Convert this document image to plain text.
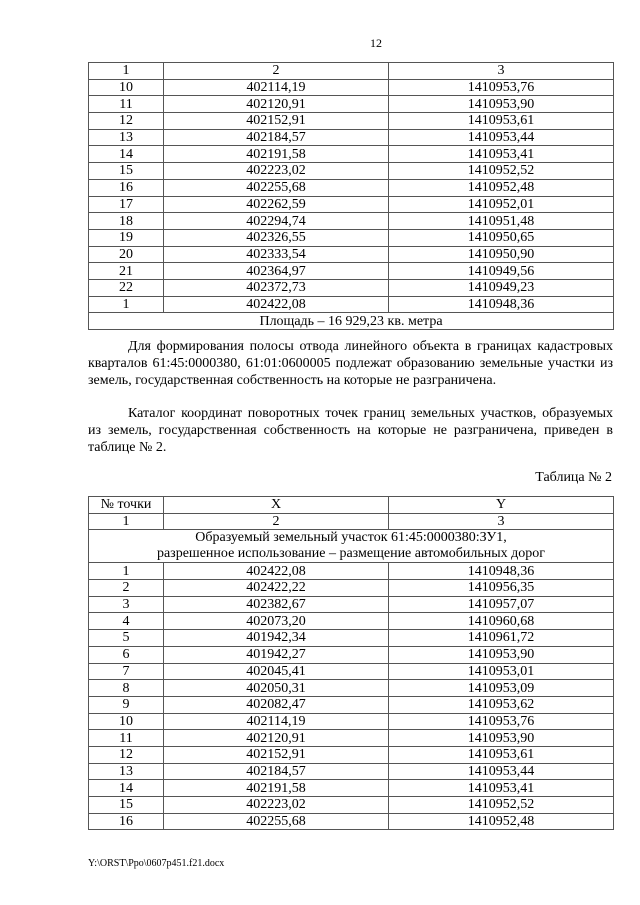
12
1	2	3
10	402114,19	1410953,76
11	402120,91	1410953,90
12	402152,91	1410953,61
13	402184,57	1410953,44
14	402191,58	1410953,41
15	402223,02	1410952,52
16	402255,68	1410952,48
17	402262,59	1410952,01
18	402294,74	1410951,48
19	402326,55	1410950,65
20	402333,54	1410950,90
21	402364,97	1410949,56
22	402372,73	1410949,23
1	402422,08	1410948,36
Площадь – 16 929,23 кв. метра		
Для формирования полосы отвода линейного объекта в границах кадастровых кварталов 61:45:0000380, 61:01:0600005 подлежат образованию земельные участки из земель, государственная собственность на которые не разграничена.
Каталог координат поворотных точек границ земельных участков, образуемых из земель, государственная собственность на которые не разграничена, приведен в таблице № 2.
Таблица № 2
№ точки	X	Y
1	2	3

Образуемый земельный участок 61:45:0000380:ЗУ1,
разрешенное использование – размещение автомобильных дорог		

1	402422,08	1410948,36
2	402422,22	1410956,35
3	402382,67	1410957,07
4	402073,20	1410960,68
5	401942,34	1410961,72
6	401942,27	1410953,90
7	402045,41	1410953,01
8	402050,31	1410953,09
9	402082,47	1410953,62
10	402114,19	1410953,76
11	402120,91	1410953,90
12	402152,91	1410953,61
13	402184,57	1410953,44
14	402191,58	1410953,41
15	402223,02	1410952,52
16	402255,68	1410952,48
Y:\ORST\Ppo\0607p451.f21.docx
